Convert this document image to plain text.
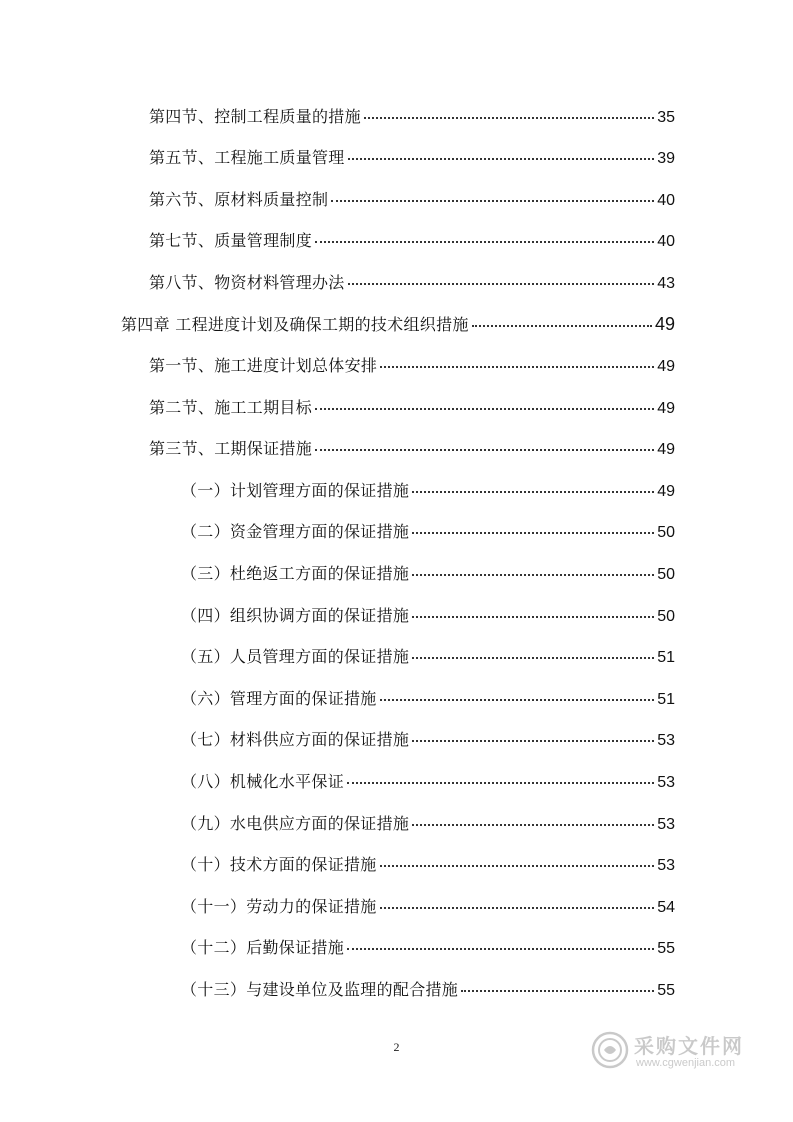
第四节、控制工程质量的措施	35
第五节、工程施工质量管理	39
第六节、原材料质量控制	40
第七节、质量管理制度	40
第八节、物资材料管理办法	43
第四章 工程进度计划及确保工期的技术组织措施	49
第一节、施工进度计划总体安排	49
第二节、施工工期目标	49
第三节、工期保证措施	49
（一）计划管理方面的保证措施	49
（二）资金管理方面的保证措施	50
（三）杜绝返工方面的保证措施	50
（四）组织协调方面的保证措施	50
（五）人员管理方面的保证措施	51
（六）管理方面的保证措施	51
（七）材料供应方面的保证措施	53
（八）机械化水平保证	53
（九）水电供应方面的保证措施	53
（十）技术方面的保证措施	53
（十一）劳动力的保证措施	54
（十二）后勤保证措施	55
（十三）与建设单位及监理的配合措施	55
2	采购文件网
www.cgwenjian.com
